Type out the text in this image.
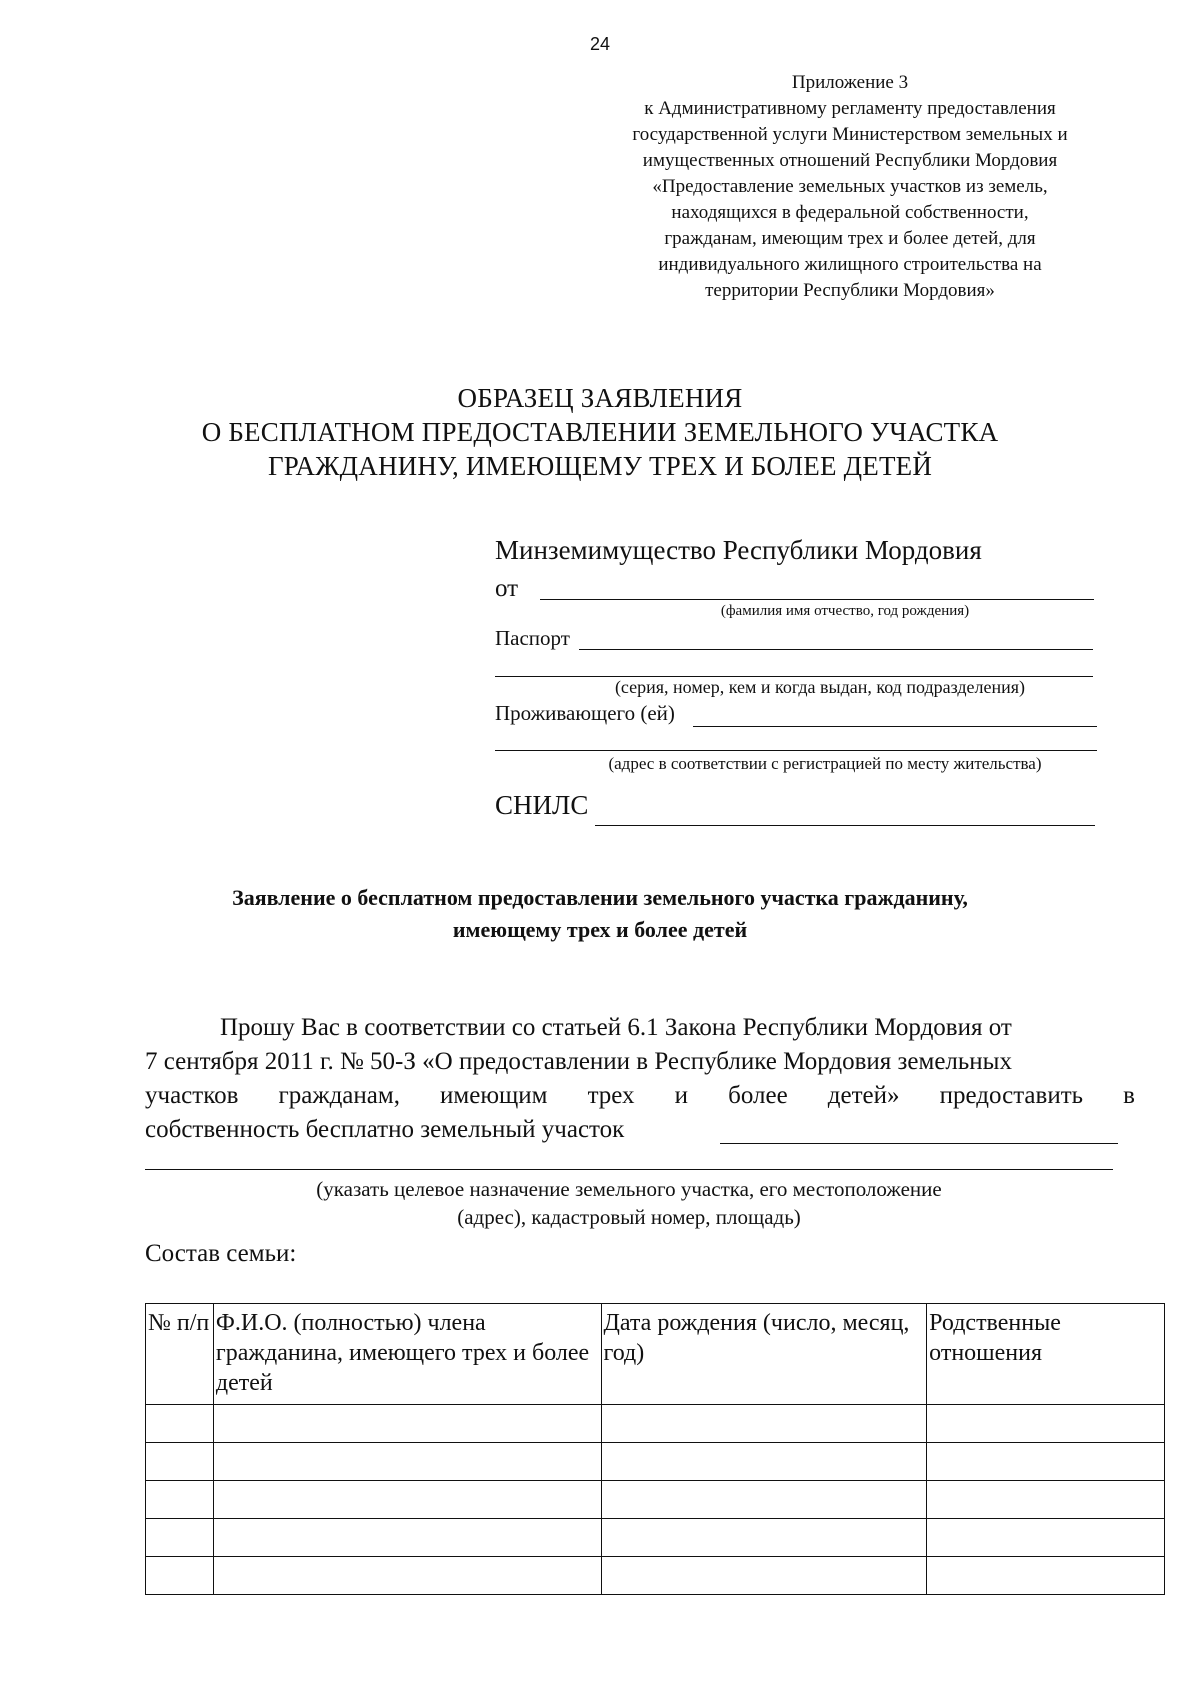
24
Приложение 3
к Административному регламенту предоставления
государственной услуги Министерством земельных и
имущественных отношений Республики Мордовия
«Предоставление земельных участков из земель,
находящихся в федеральной собственности,
гражданам, имеющим трех и более детей, для
индивидуального жилищного строительства на
территории Республики Мордовия»
ОБРАЗЕЦ ЗАЯВЛЕНИЯ
О БЕСПЛАТНОМ ПРЕДОСТАВЛЕНИИ ЗЕМЕЛЬНОГО УЧАСТКА
ГРАЖДАНИНУ, ИМЕЮЩЕМУ ТРЕХ И БОЛЕЕ ДЕТЕЙ
Минземимущество Республики Мордовия
от
(фамилия имя отчество, год рождения)
Паспорт
(серия, номер, кем и когда выдан, код подразделения)
Проживающего (ей)
(адрес в соответствии с регистрацией по месту жительства)
СНИЛС
Заявление о бесплатном предоставлении земельного участка гражданину,
имеющему трех и более детей
Прошу Вас в соответствии со статьей 6.1 Закона Республики Мордовия от
7 сентября 2011 г. № 50-З «О предоставлении в Республике Мордовия земельных
участков гражданам, имеющим трех и более детей» предоставить в
собственность бесплатно земельный участок
(указать целевое назначение земельного участка, его местоположение
(адрес), кадастровый номер, площадь)
Состав семьи:
№ п/п	Ф.И.О. (полностью) члена гражданина, имеющего трех и более детей	Дата рождения (число, месяц, год)	Родственные отношения
